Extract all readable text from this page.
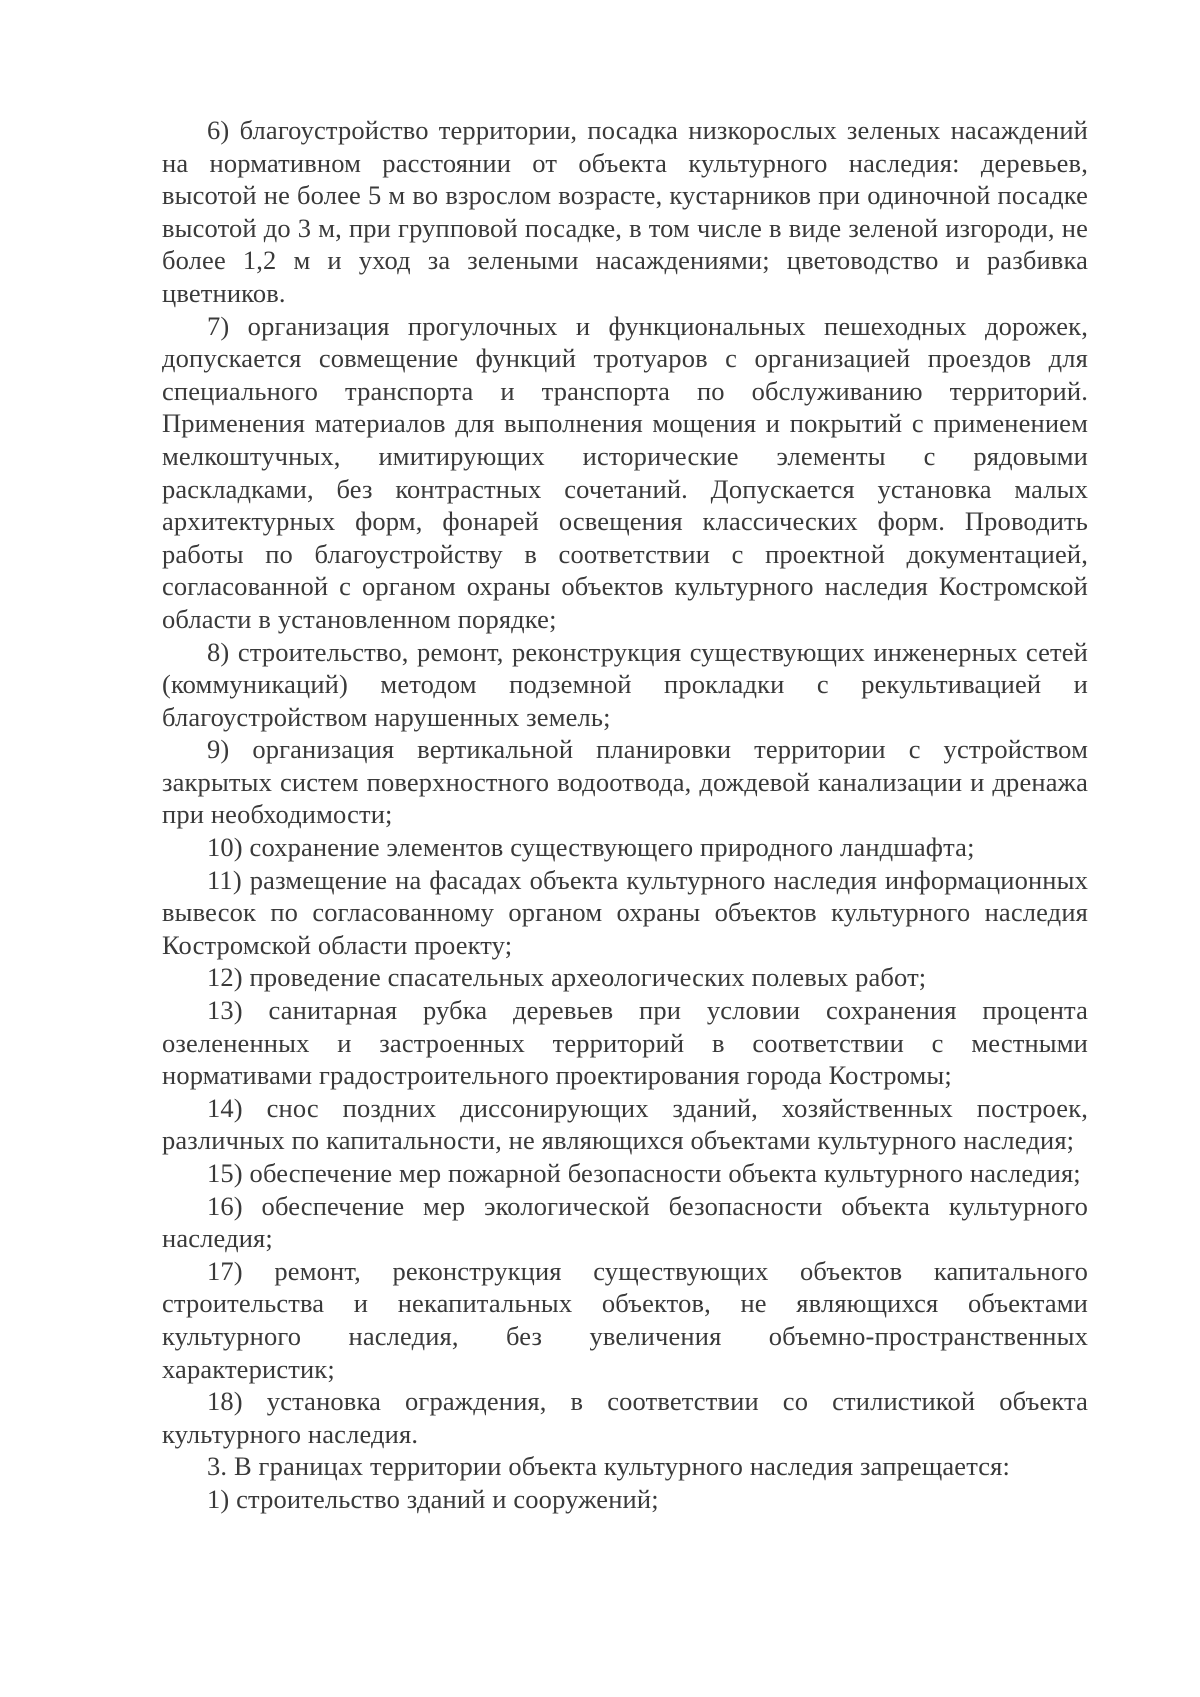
6) благоустройство территории, посадка низкорослых зеленых насаждений на нормативном расстоянии от объекта культурного наследия: деревьев, высотой не более 5 м во взрослом возрасте, кустарников при одиночной посадке высотой до 3 м, при групповой посадке, в том числе в виде зеленой изгороди, не более 1,2 м и уход за зелеными насаждениями; цветоводство и разбивка цветников.

7) организация прогулочных и функциональных пешеходных дорожек, допускается совмещение функций тротуаров с организацией проездов для специального транспорта и транспорта по обслуживанию территорий. Применения материалов для выполнения мощения и покрытий с применением мелкоштучных, имитирующих исторические элементы с рядовыми раскладками, без контрастных сочетаний. Допускается установка малых архитектурных форм, фонарей освещения классических форм. Проводить работы по благоустройству в соответствии с проектной документацией, согласованной с органом охраны объектов культурного наследия Костромской области в установленном порядке;

8) строительство, ремонт, реконструкция существующих инженерных сетей (коммуникаций) методом подземной прокладки с рекультивацией и благоустройством нарушенных земель;

9) организация вертикальной планировки территории с устройством закрытых систем поверхностного водоотвода, дождевой канализации и дренажа при необходимости;

10) сохранение элементов существующего природного ландшафта;

11) размещение на фасадах объекта культурного наследия информационных вывесок по согласованному органом охраны объектов культурного наследия Костромской области проекту;

12) проведение спасательных археологических полевых работ;

13) санитарная рубка деревьев при условии сохранения процента озелененных и застроенных территорий в соответствии с местными нормативами градостроительного проектирования города Костромы;

14) снос поздних диссонирующих зданий, хозяйственных построек, различных по капитальности, не являющихся объектами культурного наследия;

15) обеспечение мер пожарной безопасности объекта культурного наследия;

16) обеспечение мер экологической безопасности объекта культурного наследия;

17) ремонт, реконструкция существующих объектов капитального строительства и некапитальных объектов, не являющихся объектами культурного наследия, без увеличения объемно-пространственных характеристик;

18) установка ограждения, в соответствии со стилистикой объекта культурного наследия.

3. В границах территории объекта культурного наследия запрещается:

1) строительство зданий и сооружений;
